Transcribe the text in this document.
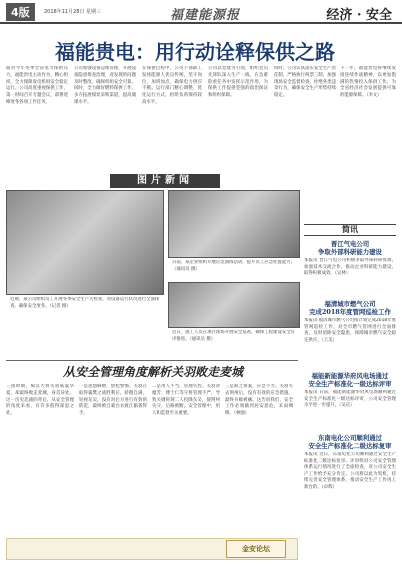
4版	2018年11月28日 星期三	福建能源报	经济 · 安全
福能贵电：用行动诠释保供之路
面对今年冬季全省电力保供压力，福能贵电主动作为，精心组织，全力保障发电机组安全稳定运行。公司高度重视保供工作，第一时间召开专题会议，部署迎峰度冬各项工作任务。
公司加强设备运维管理，开展设备隐患排查治理，对发现的问题及时整改，确保机组安全可靠。同时，全力做好燃料保供工作，多方拓展煤炭采购渠道，提高储煤水平。
在保供过程中，公司干部职工发扬能源人优良传统，坚守岗位，加班加点，确保电力供应不断。运行部门精心调整，优化运行方式，机组负荷保持较高水平。
公司以党建为引领，组织党员先锋队深入生产一线，在急难险重任务中发挥示范作用，为保供工作提供坚强的政治保证和组织保障。
同时，公司认真落实安全生产责任制，严格执行两票三制，加强现场安全监督检查，杜绝各类违章行为，确保安全生产形势持续稳定。
下一步，福能贵电将继续发扬连续作战精神，以更加饱满的热情投入保供工作，为全省经济社会发展提供可靠的能源保障。（李文）
图片新闻
近期，某公司组织员工开展冬季安全生产大检查，对设备运行状况进行全面排查，确保安全度冬。（记者 摄）
日前，某企业组织开展应急演练活动，提升员工应急处置能力。（通讯员 摄）
近日，施工人员在项目现场开展安全巡查，确保工程建设安全有序推进。（通讯员 摄）
简讯
晋江气电公司
争取外部科研能力建设
本报讯 晋江气电公司积极争取外部科研资源，加强技术交流合作，推动企业科研能力建设，取得积极成效。（吴林）
福清城市燃气公司
完成2018年度管网巡检工作
本报讯 福清城市燃气公司按计划完成2018年度管网巡检工作，对全市燃气管网进行全面排查，及时消除安全隐患，保障城市燃气安全稳定供应。（王美）
福能新能源华府风电场通过
安全生产标准化一级达标评审
本报讯 日前，福能新能源华府风电场顺利通过安全生产标准化一级达标评审，公司安全管理水平进一步提升。（吴庆）
东南电化公司顺利通过
安全生产标准化二级达标复审
本报讯 近日，东南电化公司顺利通过安全生产标准化二级达标复审。评审组对公司安全管理体系运行情况进行了全面检查，对公司安全生产工作给予充分肯定。公司将以此为契机，持续完善安全管理体系，推动安全生产工作再上新台阶。（卓辉）
从安全管理角度解析关羽败走麦城
三国时期，蜀汉大将关羽威震华夏，却最终败走麦城，身首异处。这一历史悲剧的背后，从安全管理的角度来看，有许多值得深思之处。
一是思想麻痹，放松警惕。关羽在取得襄樊之战胜利后，骄傲自满，轻视东吴，没有对后方进行有效的防范，最终被吕蒙白衣渡江偷袭得手。
二是用人不当，管理失控。关羽对糜芳、傅士仁等守将管理不严，导致关键时刻二人投降东吴，使荆州失守，后路被断。安全管理中，用人和监督至关重要。
三是缺乏预案，应急不力。关羽失去荆州后，没有有效的应急措施，最终兵败被擒。这告诉我们，安全工作必须做到居安思危，未雨绸缪。（林强）
金安论坛
